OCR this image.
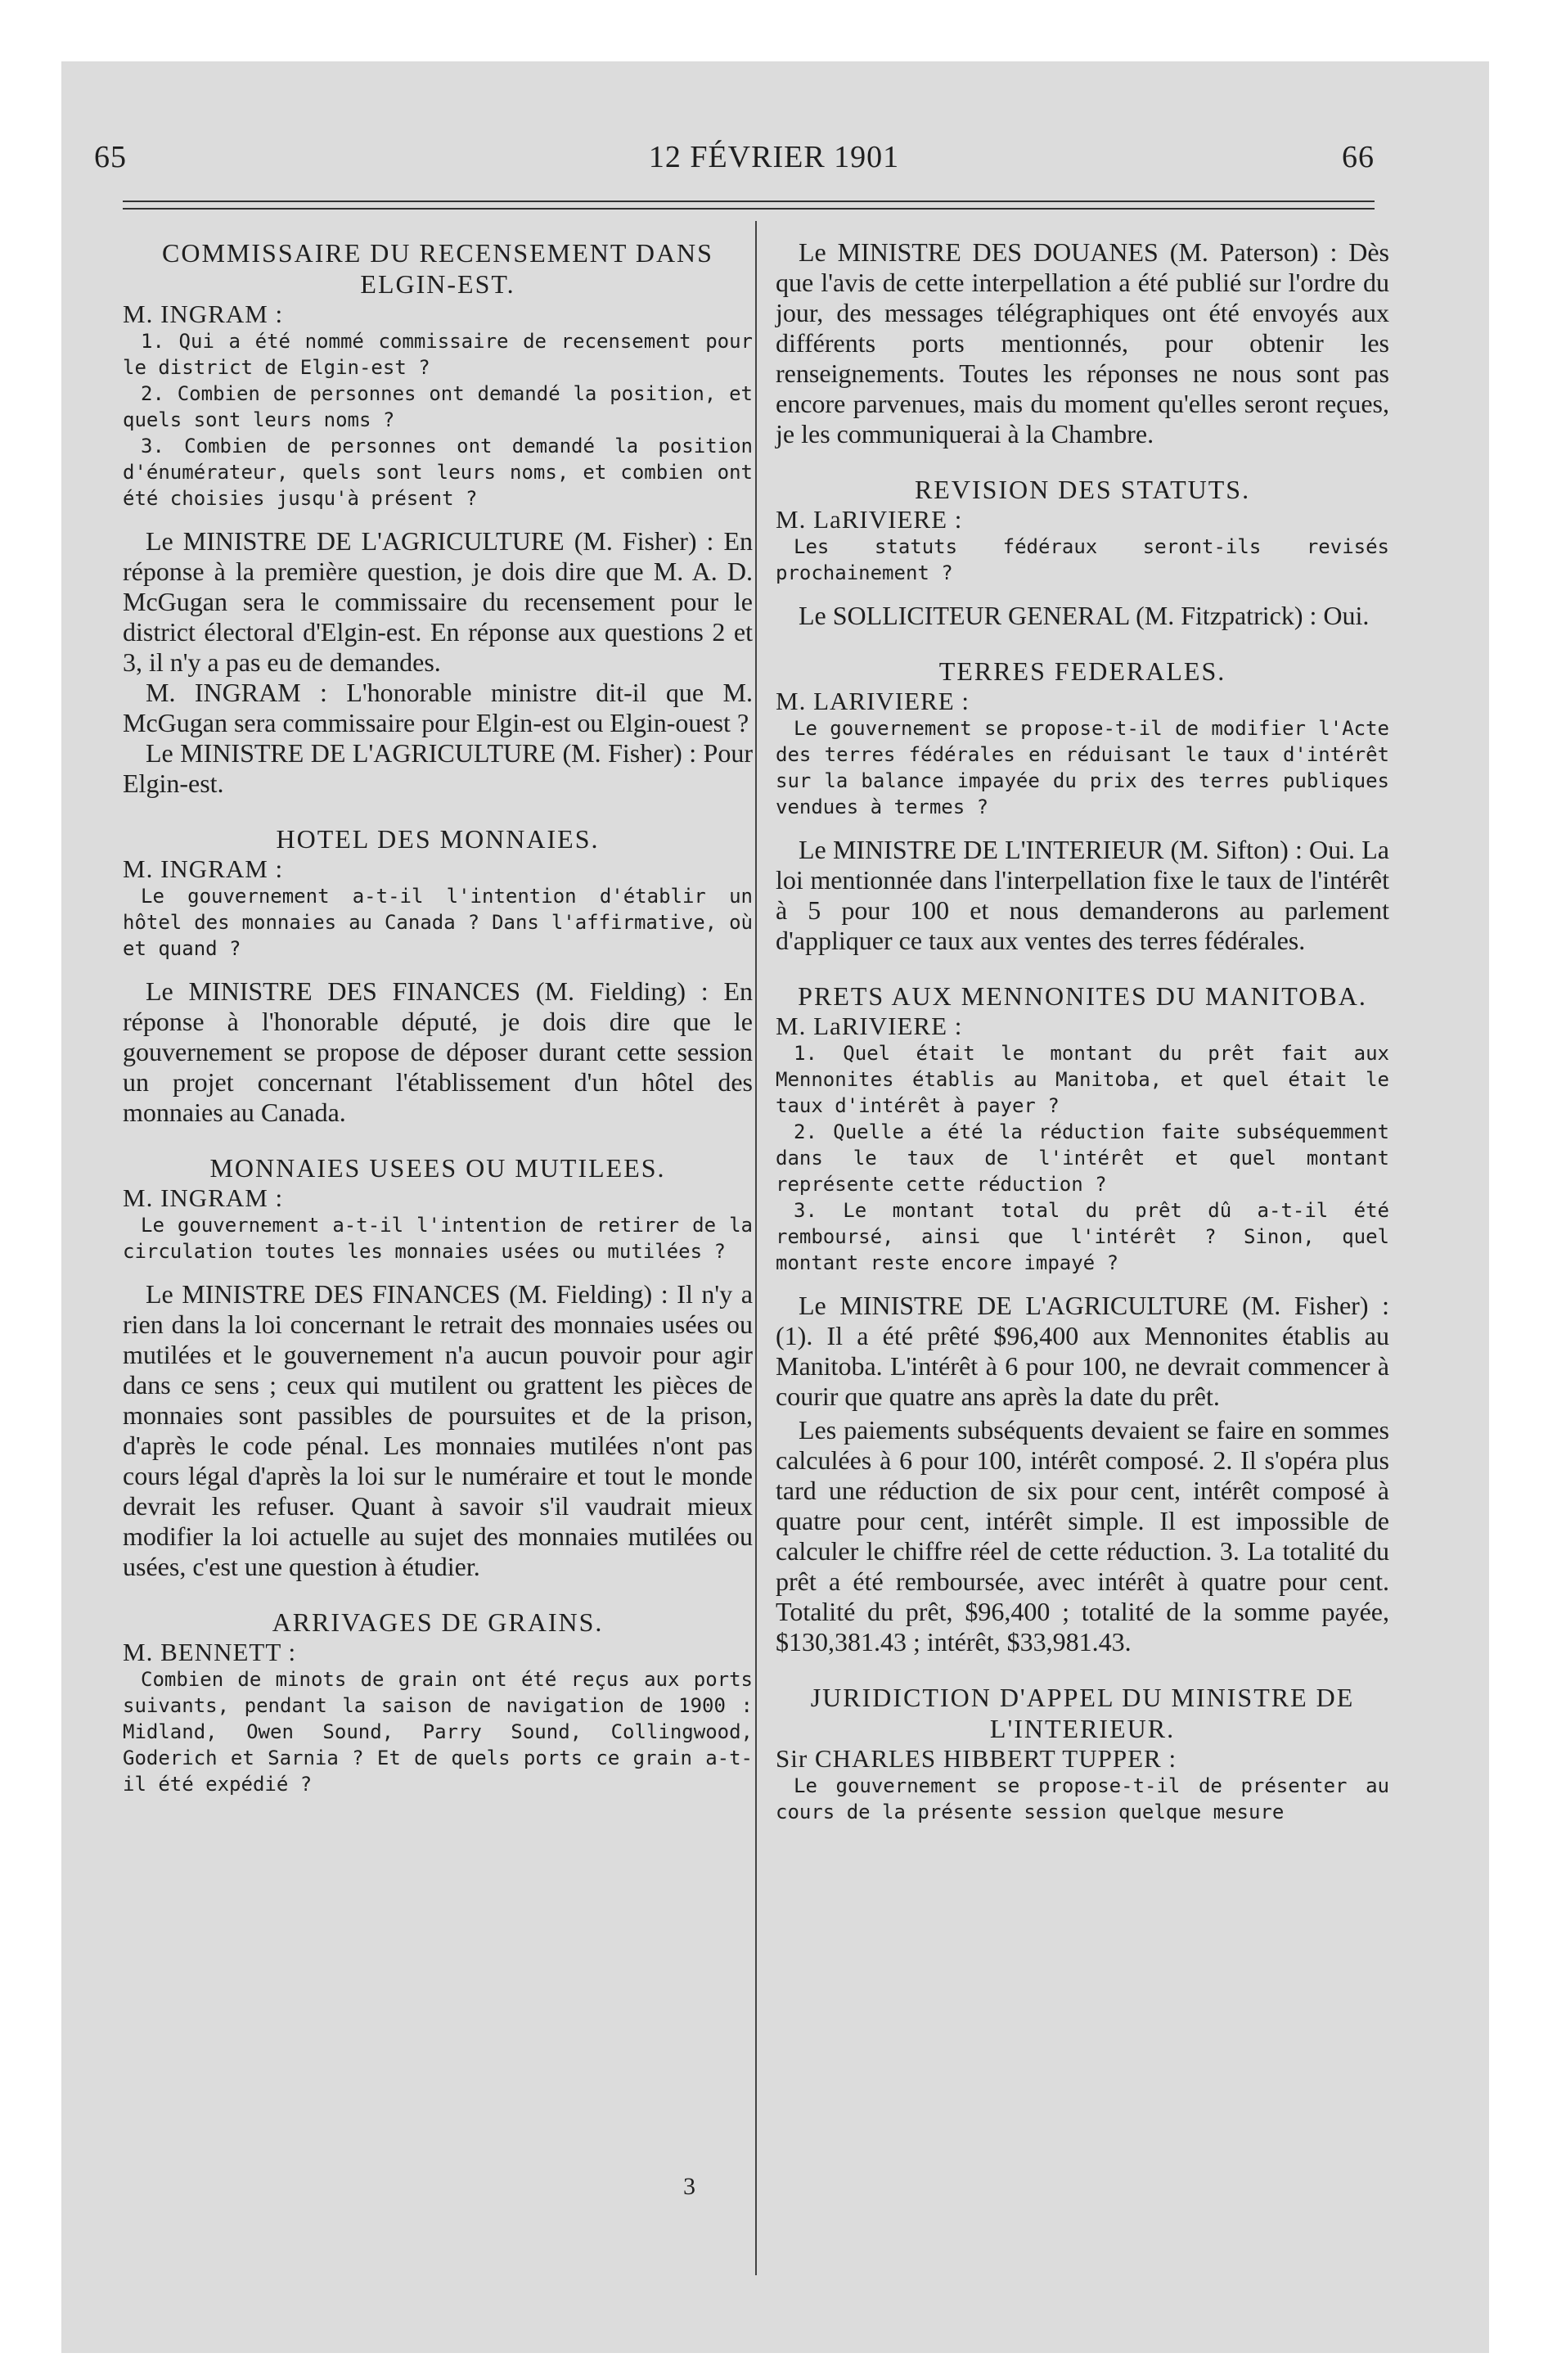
65	12 FÉVRIER 1901	66

COMMISSAIRE DU RECENSEMENT DANS ELGIN-EST.

M. INGRAM :

1. Qui a été nommé commissaire de recensement pour le district de Elgin-est ?

2. Combien de personnes ont demandé la position, et quels sont leurs noms ?

3. Combien de personnes ont demandé la position d'énumérateur, quels sont leurs noms, et combien ont été choisies jusqu'à présent ?

Le MINISTRE DE L'AGRICULTURE (M. Fisher) : En réponse à la première question, je dois dire que M. A. D. McGugan sera le commissaire du recensement pour le district électoral d'Elgin-est. En réponse aux questions 2 et 3, il n'y a pas eu de demandes.

M. INGRAM : L'honorable ministre dit-il que M. McGugan sera commissaire pour Elgin-est ou Elgin-ouest ?

Le MINISTRE DE L'AGRICULTURE (M. Fisher) : Pour Elgin-est.

HOTEL DES MONNAIES.

M. INGRAM :

Le gouvernement a-t-il l'intention d'établir un hôtel des monnaies au Canada ? Dans l'affirmative, où et quand ?

Le MINISTRE DES FINANCES (M. Fielding) : En réponse à l'honorable député, je dois dire que le gouvernement se propose de déposer durant cette session un projet concernant l'établissement d'un hôtel des monnaies au Canada.

MONNAIES USEES OU MUTILEES.

M. INGRAM :

Le gouvernement a-t-il l'intention de retirer de la circulation toutes les monnaies usées ou mutilées ?

Le MINISTRE DES FINANCES (M. Fielding) : Il n'y a rien dans la loi concernant le retrait des monnaies usées ou mutilées et le gouvernement n'a aucun pouvoir pour agir dans ce sens ; ceux qui mutilent ou grattent les pièces de monnaies sont passibles de poursuites et de la prison, d'après le code pénal. Les monnaies mutilées n'ont pas cours légal d'après la loi sur le numéraire et tout le monde devrait les refuser. Quant à savoir s'il vaudrait mieux modifier la loi actuelle au sujet des monnaies mutilées ou usées, c'est une question à étudier.

ARRIVAGES DE GRAINS.

M. BENNETT :

Combien de minots de grain ont été reçus aux ports suivants, pendant la saison de navigation de 1900 : Midland, Owen Sound, Parry Sound, Collingwood, Goderich et Sarnia ? Et de quels ports ce grain a-t-il été expédié ?

Le MINISTRE DES DOUANES (M. Paterson) : Dès que l'avis de cette interpellation a été publié sur l'ordre du jour, des messages télégraphiques ont été envoyés aux différents ports mentionnés, pour obtenir les renseignements. Toutes les réponses ne nous sont pas encore parvenues, mais du moment qu'elles seront reçues, je les communiquerai à la Chambre.

REVISION DES STATUTS.

M. LaRIVIERE :

Les statuts fédéraux seront-ils revisés prochainement ?

Le SOLLICITEUR GENERAL (M. Fitzpatrick) : Oui.

TERRES FEDERALES.

M. LARIVIERE :

Le gouvernement se propose-t-il de modifier l'Acte des terres fédérales en réduisant le taux d'intérêt sur la balance impayée du prix des terres publiques vendues à termes ?

Le MINISTRE DE L'INTERIEUR (M. Sifton) : Oui. La loi mentionnée dans l'interpellation fixe le taux de l'intérêt à 5 pour 100 et nous demanderons au parlement d'appliquer ce taux aux ventes des terres fédérales.

PRETS AUX MENNONITES DU MANITOBA.

M. LaRIVIERE :

1. Quel était le montant du prêt fait aux Mennonites établis au Manitoba, et quel était le taux d'intérêt à payer ?

2. Quelle a été la réduction faite subséquemment dans le taux de l'intérêt et quel montant représente cette réduction ?

3. Le montant total du prêt dû a-t-il été remboursé, ainsi que l'intérêt ? Sinon, quel montant reste encore impayé ?

Le MINISTRE DE L'AGRICULTURE (M. Fisher) : (1). Il a été prêté $96,400 aux Mennonites établis au Manitoba. L'intérêt à 6 pour 100, ne devrait commencer à courir que quatre ans après la date du prêt.

Les paiements subséquents devaient se faire en sommes calculées à 6 pour 100, intérêt composé. 2. Il s'opéra plus tard une réduction de six pour cent, intérêt composé à quatre pour cent, intérêt simple. Il est impossible de calculer le chiffre réel de cette réduction. 3. La totalité du prêt a été remboursée, avec intérêt à quatre pour cent. Totalité du prêt, $96,400 ; totalité de la somme payée, $130,381.43 ; intérêt, $33,981.43.

JURIDICTION D'APPEL DU MINISTRE DE L'INTERIEUR.

Sir CHARLES HIBBERT TUPPER :

Le gouvernement se propose-t-il de présenter au cours de la présente session quelque mesure

3
